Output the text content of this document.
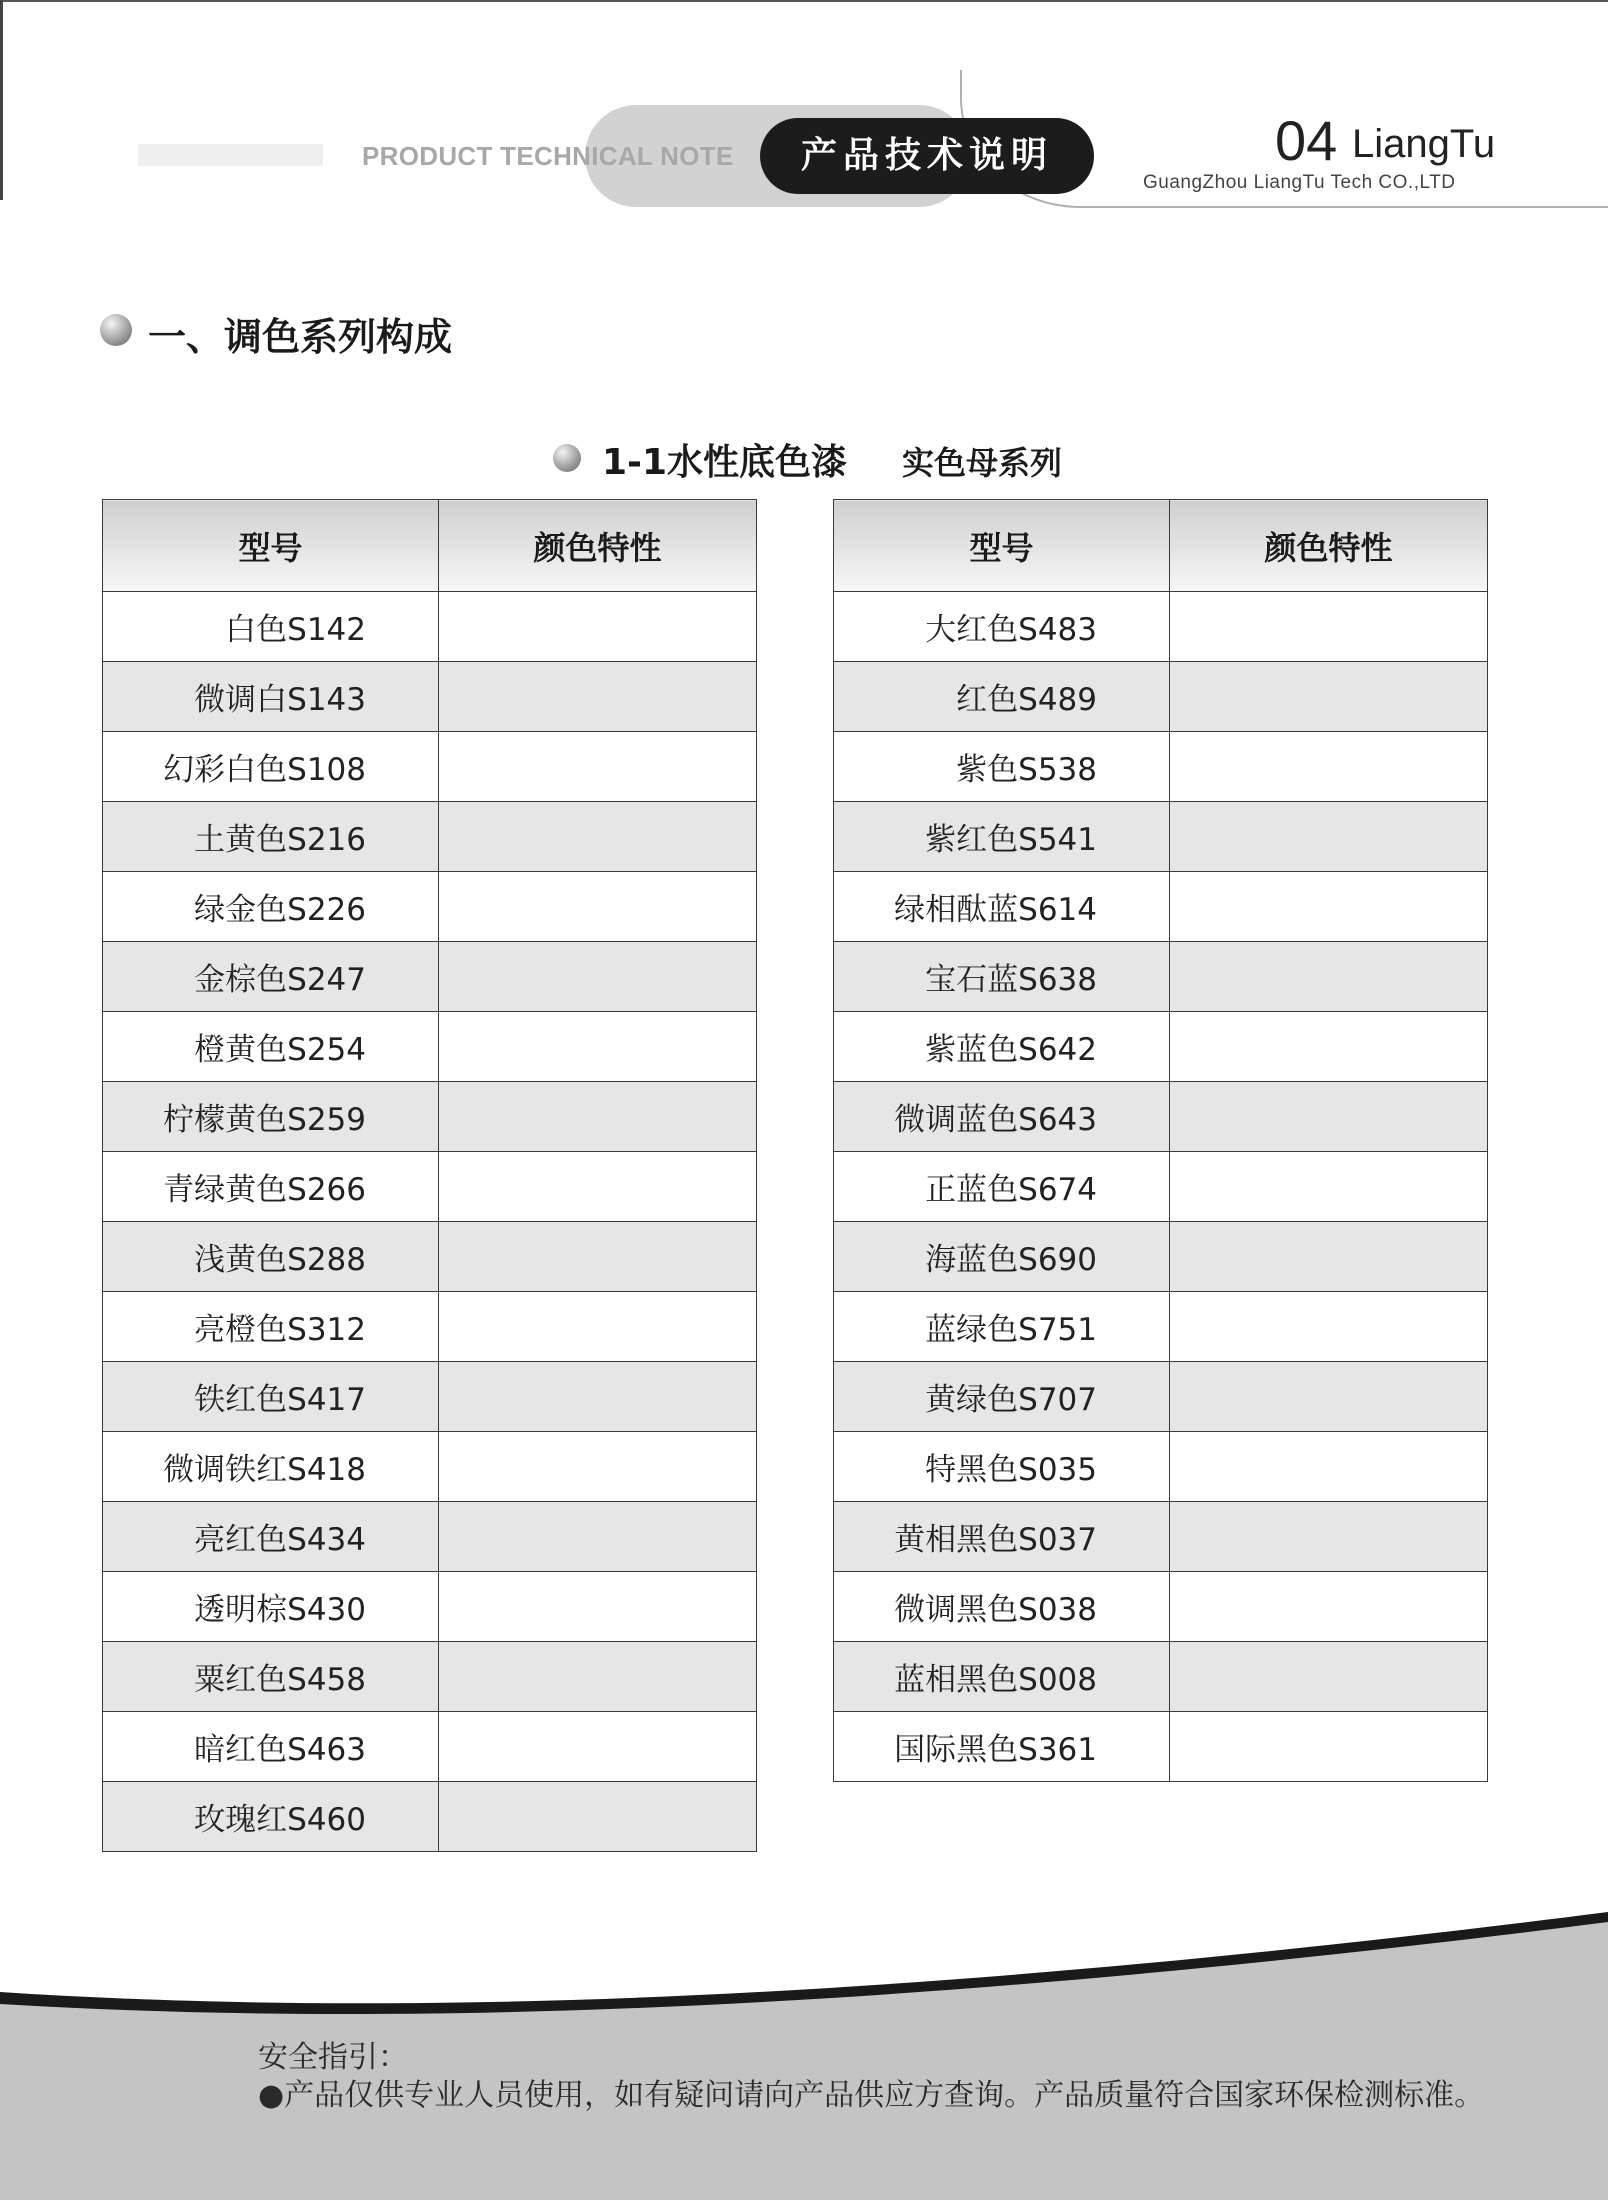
PRODUCT TECHNICAL NOTE	产品技术说明	04 LiangTu
GuangZhou LiangTu Tech CO.,LTD
一、调色系列构成
1-1水性底色漆 实色母系列
型号	颜色特性
白色S142	
微调白S143	
幻彩白色S108	
土黄色S216	
绿金色S226	
金棕色S247	
橙黄色S254	
柠檬黄色S259	
青绿黄色S266	
浅黄色S288	
亮橙色S312	
铁红色S417	
微调铁红S418	
亮红色S434	
透明棕S430	
粟红色S458	
暗红色S463	
玫瑰红S460	
型号	颜色特性
大红色S483	
红色S489	
紫色S538	
紫红色S541	
绿相酞蓝S614	
宝石蓝S638	
紫蓝色S642	
微调蓝色S643	
正蓝色S674	
海蓝色S690	
蓝绿色S751	
黄绿色S707	
特黑色S035	
黄相黑色S037	
微调黑色S038	
蓝相黑色S008	
国际黑色S361	
安全指引：
●产品仅供专业人员使用，如有疑问请向产品供应方查询。产品质量符合国家环保检测标准。
